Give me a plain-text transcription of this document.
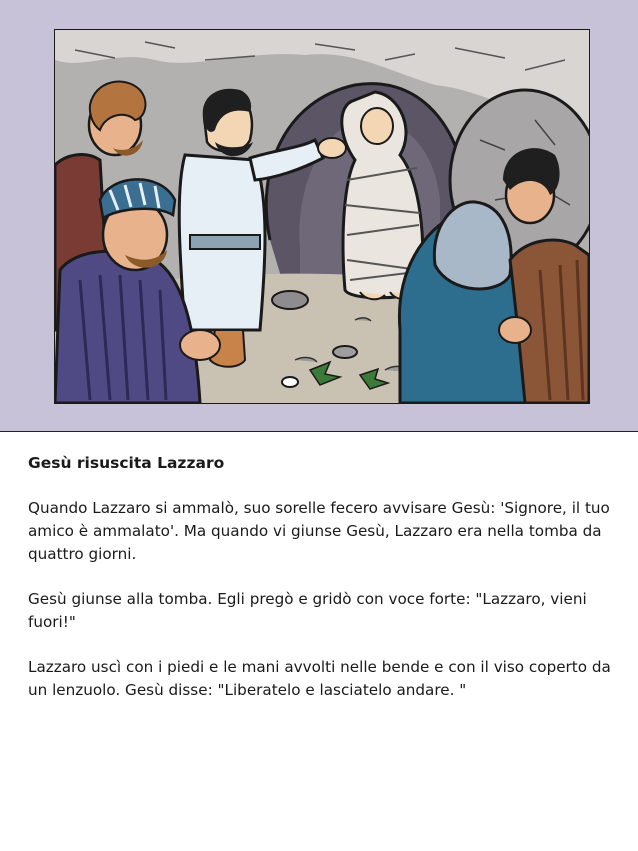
Gesù risuscita Lazzaro

Quando Lazzaro si ammalò, suo sorelle fecero avvisare Gesù: 'Signore, il tuo amico è ammalato'. Ma quando vi giunse Gesù, Lazzaro era nella tomba da quattro giorni.

Gesù giunse alla tomba. Egli pregò e gridò con voce forte: "Lazzaro, vieni fuori!"

Lazzaro uscì con i piedi e le mani avvolti nelle bende e con il viso coperto da un lenzuolo. Gesù disse: "Liberatelo e lasciatelo andare. "
